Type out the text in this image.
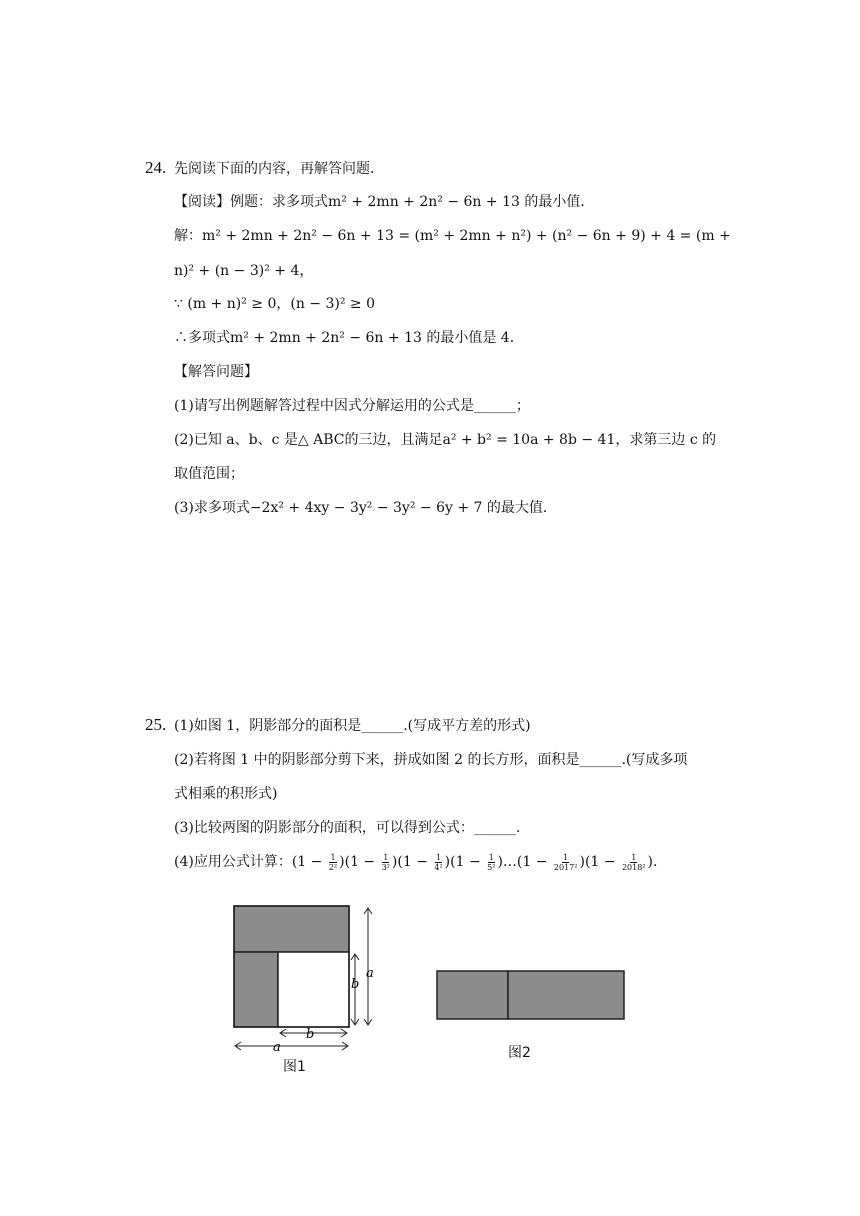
24. 先阅读下面的内容，再解答问题．
【阅读】例题：求多项式m² + 2mn + 2n² − 6n + 13 的最小值．
解：m² + 2mn + 2n² − 6n + 13 = (m² + 2mn + n²) + (n² − 6n + 9) + 4 = (m +
n)² + (n − 3)² + 4，
∵ (m + n)² ≥ 0，(n − 3)² ≥ 0
∴多项式m² + 2mn + 2n² − 6n + 13 的最小值是 4．
【解答问题】
(1)请写出例题解答过程中因式分解运用的公式是______；
(2)已知 a、b、c 是△ ABC的三边，且满足a² + b² = 10a + 8b − 41，求第三边 c 的
取值范围；
(3)求多项式−2x² + 4xy − 3y² − 3y² − 6y + 7 的最大值．
25. (1)如图 1，阴影部分的面积是______.(写成平方差的形式)
(2)若将图 1 中的阴影部分剪下来，拼成如图 2 的长方形，面积是______.(写成多项
式相乘的积形式)
(3)比较两图的阴影部分的面积，可以得到公式：______.
(4)应用公式计算：$(1 - \frac{1}{\text{2²}} )(1 - \frac{1}{\text{3²}} )(1 - \frac{1}{\text{4²}} )(1 - \frac{1}{\text{5²}}$ )…(1 − $\frac{1}{\text{2017²}} )(1 - \frac{1}{\text{2018²}}$ ).
a
b
b
a
图1
图2
